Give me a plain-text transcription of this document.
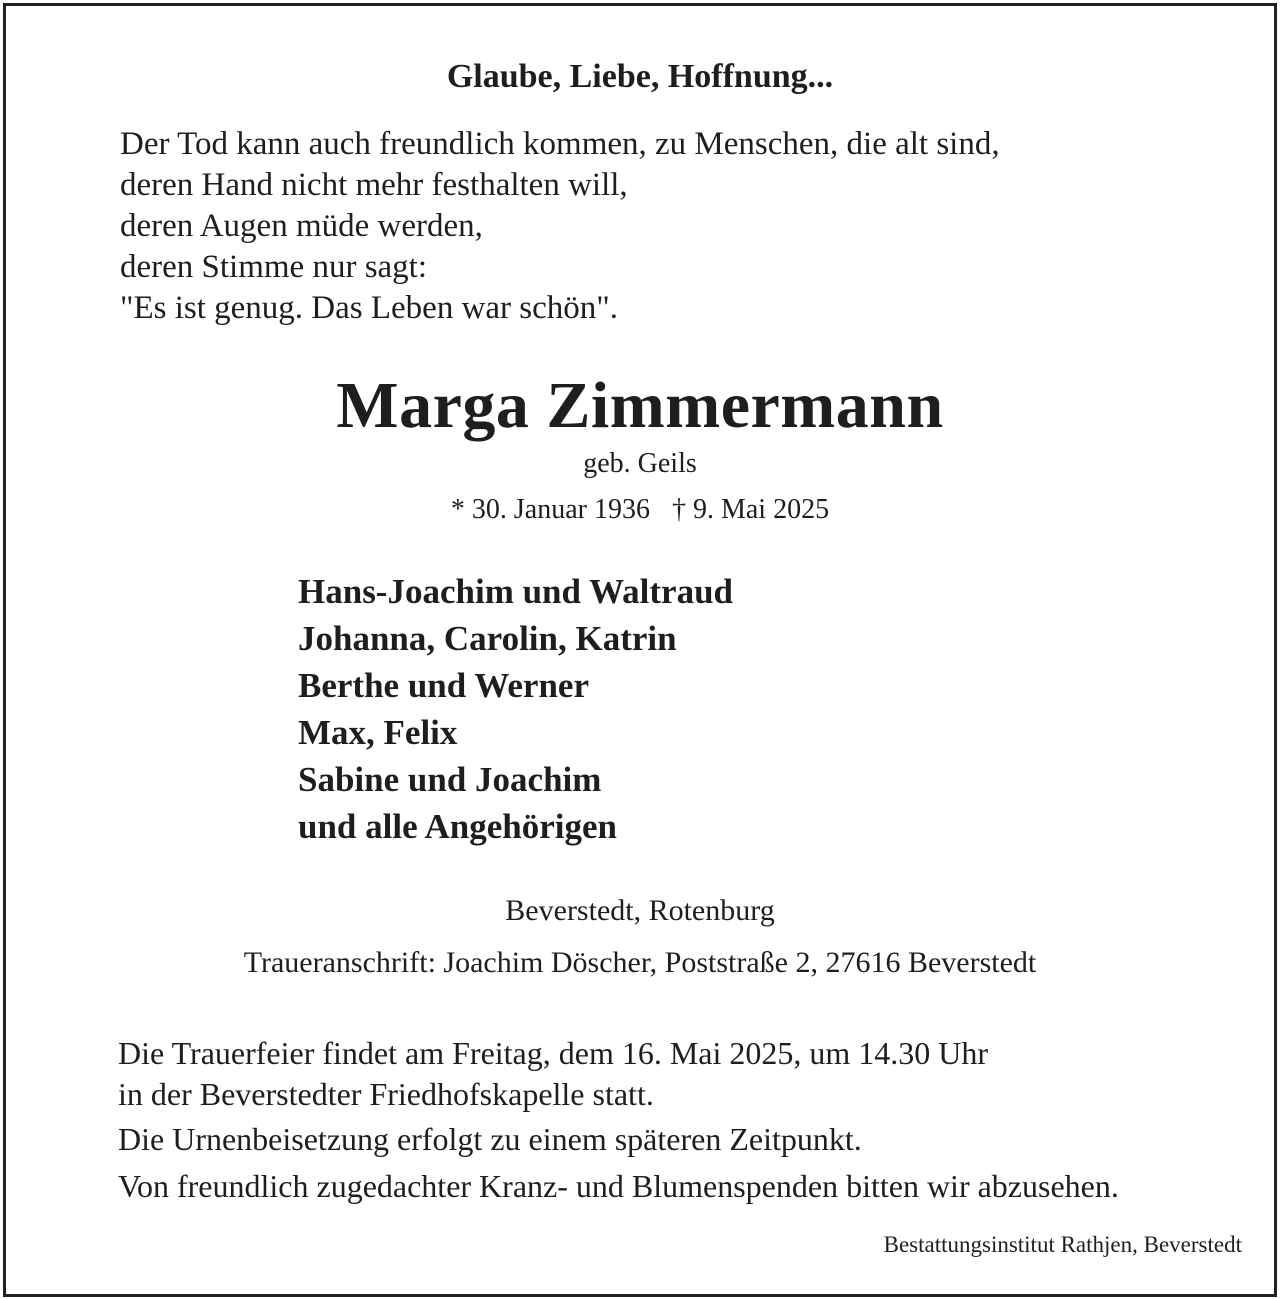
Glaube, Liebe, Hoffnung...
Der Tod kann auch freundlich kommen, zu Menschen, die alt sind,
deren Hand nicht mehr festhalten will,
deren Augen müde werden,
deren Stimme nur sagt:
"Es ist genug. Das Leben war schön".
Marga Zimmermann
geb. Geils
* 30. Januar 1936 † 9. Mai 2025
Hans-Joachim und Waltraud
Johanna, Carolin, Katrin
Berthe und Werner
Max, Felix
Sabine und Joachim
und alle Angehörigen
Beverstedt, Rotenburg
Traueranschrift: Joachim Döscher, Poststraße 2, 27616 Beverstedt
Die Trauerfeier findet am Freitag, dem 16. Mai 2025, um 14.30 Uhr
in der Beverstedter Friedhofskapelle statt.
Die Urnenbeisetzung erfolgt zu einem späteren Zeitpunkt.
Von freundlich zugedachter Kranz- und Blumenspenden bitten wir abzusehen.
Bestattungsinstitut Rathjen, Beverstedt
